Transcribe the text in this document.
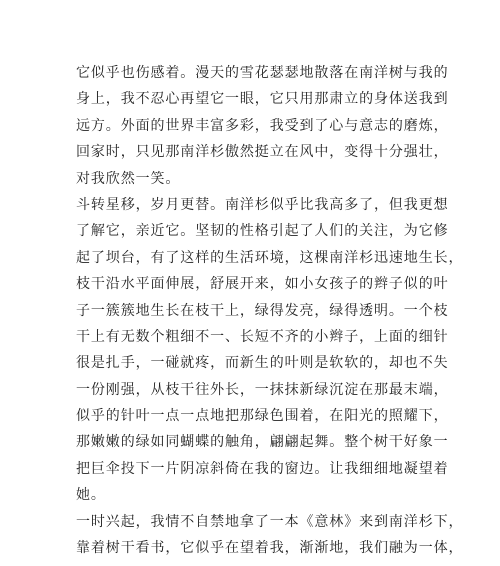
它似乎也伤感着。漫天的雪花瑟瑟地散落在南洋树与我的
身上，我不忍心再望它一眼，它只用那肃立的身体送我到
远方。外面的世界丰富多彩，我受到了心与意志的磨炼，
回家时，只见那南洋杉傲然挺立在风中，变得十分强壮，
对我欣然一笑。
斗转星移，岁月更替。南洋杉似乎比我高多了，但我更想
了解它，亲近它。坚韧的性格引起了人们的关注，为它修
起了坝台，有了这样的生活环境，这棵南洋杉迅速地生长，
枝干沿水平面伸展，舒展开来，如小女孩子的辫子似的叶
子一簇簇地生长在枝干上，绿得发亮，绿得透明。一个枝
干上有无数个粗细不一、长短不齐的小辫子，上面的细针
很是扎手，一碰就疼，而新生的叶则是软软的，却也不失
一份刚强，从枝干往外长，一抹抹新绿沉淀在那最末端，
似乎的针叶一点一点地把那绿色围着，在阳光的照耀下，
那嫩嫩的绿如同蝴蝶的触角，翩翩起舞。整个树干好象一
把巨伞投下一片阴凉斜倚在我的窗边。让我细细地凝望着
她。
一时兴起，我情不自禁地拿了一本《意林》来到南洋杉下，
靠着树干看书，它似乎在望着我，渐渐地，我们融为一体，
